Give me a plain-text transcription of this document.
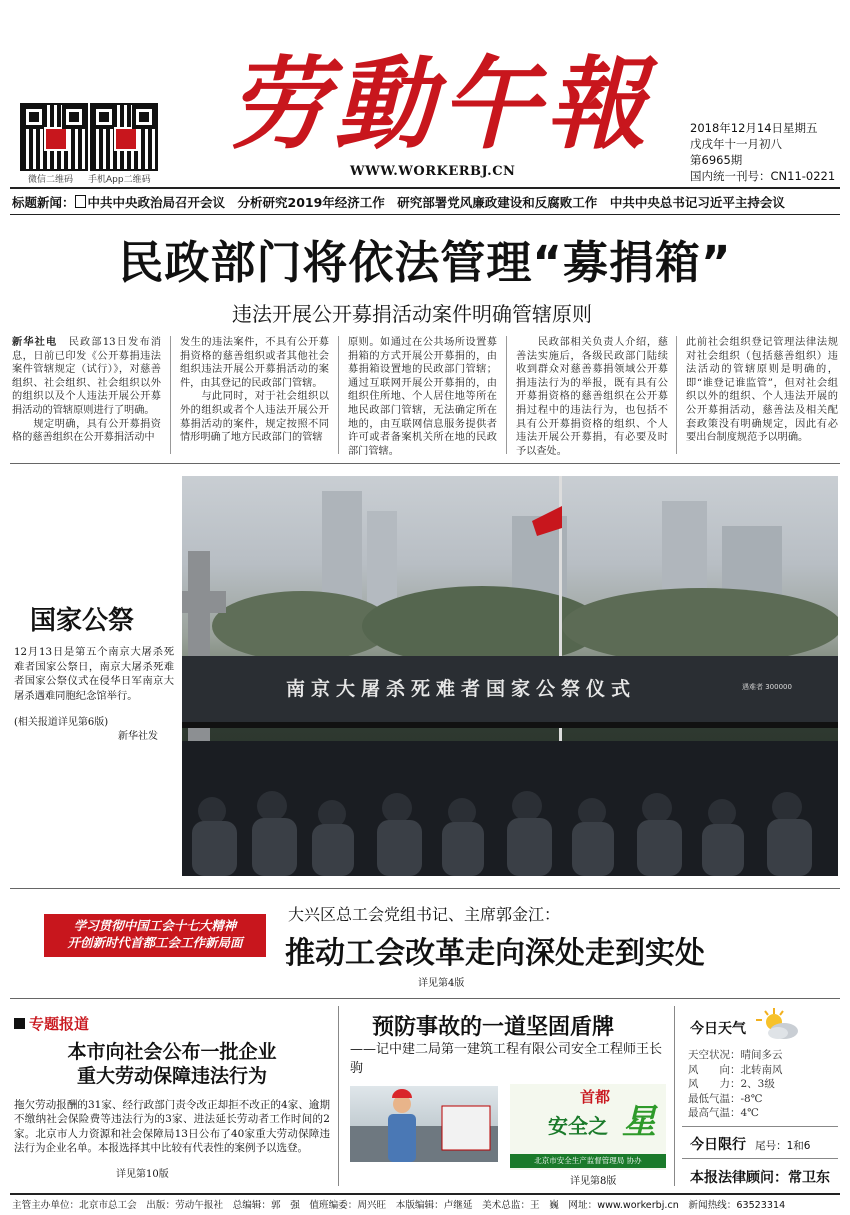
微信二维码 手机App二维码
劳動午報
WWW.WORKERBJ.CN
2018年12月14日星期五
戊戌年十一月初八
第6965期
国内统一刊号：CN11-0221
标题新闻： 中共中央政治局召开会议　分析研究2019年经济工作　研究部署党风廉政建设和反腐败工作　 中共中央总书记习近平主持会议
民政部门将依法管理“募捐箱”
违法开展公开募捐活动案件明确管辖原则

新华社电　 民政部13日发布消息，日前已印发《公开募捐违法案件管辖规定（试行）》，对慈善组织、社会组织、社会组织以外的组织以及个人违法开展公开募捐活动的管辖原则进行了明确。

　　规定明确，具有公开募捐资格的慈善组织在公开募捐活动中

发生的违法案件，不具有公开募捐资格的慈善组织或者其他社会组织违法开展公开募捐活动的案件，由其登记的民政部门管辖。

　　与此同时，对于社会组织以外的组织或者个人违法开展公开募捐活动的案件，规定按照不同情形明确了地方民政部门的管辖

原则。如通过在公共场所设置募捐箱的方式开展公开募捐的，由募捐箱设置地的民政部门管辖；通过互联网开展公开募捐的，由组织住所地、个人居住地等所在地民政部门管辖，无法确定所在地的，由互联网信息服务提供者许可或者备案机关所在地的民政部门管辖。

　　民政部相关负责人介绍，慈善法实施后，各级民政部门陆续收到群众对慈善募捐领域公开募捐违法行为的举报，既有具有公开募捐资格的慈善组织在公开募捐过程中的违法行为，也包括不具有公开募捐资格的组织、个人违法开展公开募捐，有必要及时予以查处。

此前社会组织登记管理法律法规对社会组织（包括慈善组织）违法活动的管辖原则是明确的，即“谁登记谁监管”，但对社会组织以外的组织、个人违法开展的公开募捐活动，慈善法及相关配套政策没有明确规定，因此有必要出台制度规范予以明确。

国家公祭
12月13日是第五个南京大屠杀死难者国家公祭日，南京大屠杀死难者国家公祭仪式在侵华日军南京大屠杀遇难同胞纪念馆举行。
(相关报道详见第6版)
新华社发
南京大屠杀死难者国家公祭仪式	遇难者 300000
学习贯彻中国工会十七大精神
开创新时代首都工会工作新局面
大兴区总工会党组书记、主席郭金江：
推动工会改革走向深处走到实处
详见第4版
专题报道
本市向社会公布一批企业
重大劳动保障违法行为
拖欠劳动报酬的31家、经行政部门责令改正却拒不改正的4家、逾期不缴纳社会保险费等违法行为的3家、进法延长劳动者工作时间的2家。北京市人力资源和社会保障局13日公布了40家重大劳动保障违法行为企业名单。本报选择其中比较有代表性的案例予以选登。
详见第10版
预防事故的一道坚固盾牌
——记中建二局第一建筑工程有限公司安全工程师王长驹
首都
安全之 星
北京市安全生产监督管理局 协办
详见第8版
今日天气
天空状况：晴间多云
风　　向：北转南风
风　　力：2、3级
最低气温：-8℃
最高气温：4℃
今日限行 尾号：1和6
本报法律顾问：常卫东
主管主办单位：北京市总工会　出版：劳动午报社　总编辑：郭　强　值班编委：周兴旺　本版编辑：卢继延　美术总监：王　巍　网址：www.workerbj.cn　新闻热线：63523314
